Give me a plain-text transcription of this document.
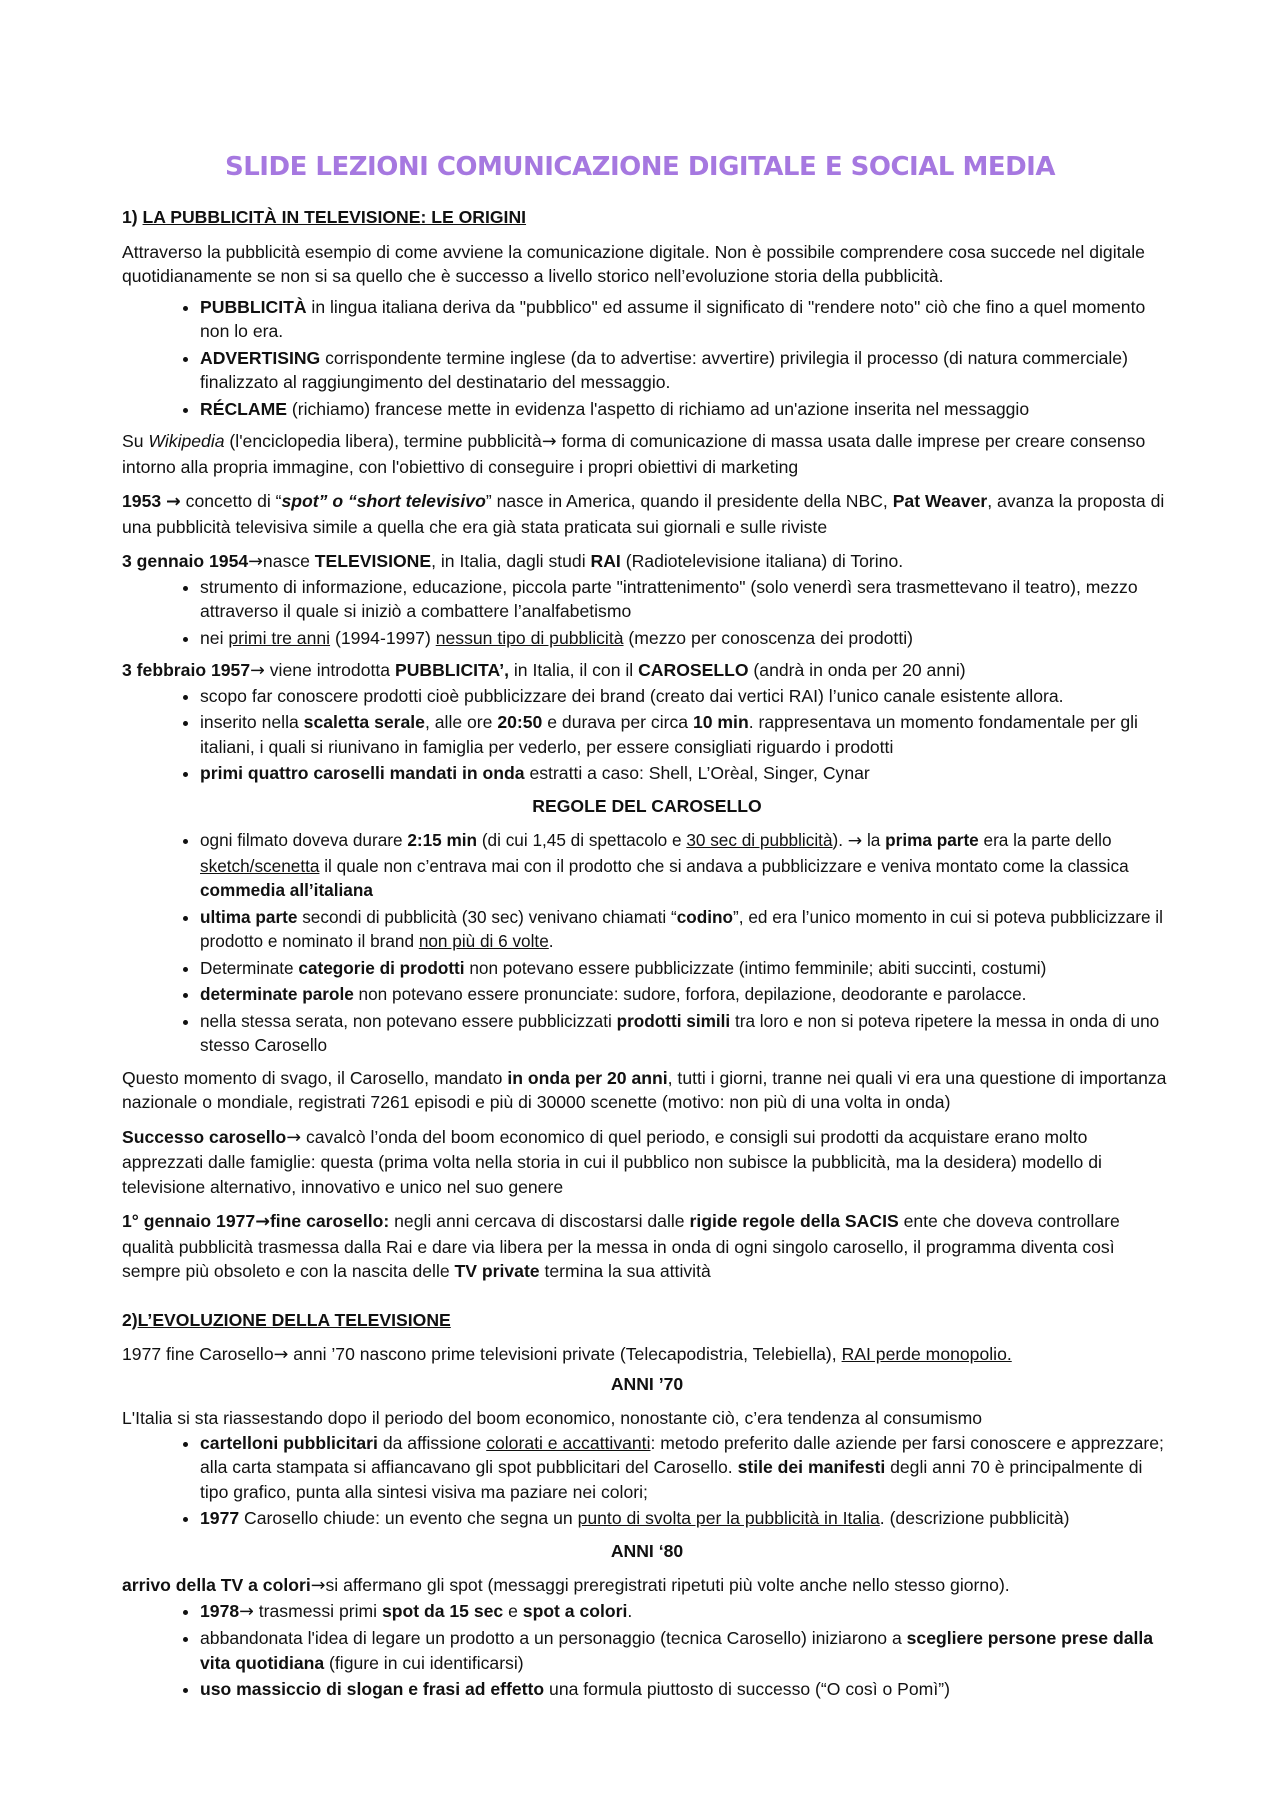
SLIDE LEZIONI COMUNICAZIONE DIGITALE E SOCIAL MEDIA

1) LA PUBBLICITÀ IN TELEVISIONE: LE ORIGINI

Attraverso la pubblicità esempio di come avviene la comunicazione digitale. Non è possibile comprendere cosa succede nel digitale quotidianamente se non si sa quello che è successo a livello storico nell’evoluzione storia della pubblicità.

• PUBBLICITÀ in lingua italiana deriva da "pubblico" ed assume il significato di "rendere noto" ciò che fino a quel momento non lo era.
• ADVERTISING corrispondente termine inglese (da to advertise: avvertire) privilegia il processo (di natura commerciale) finalizzato al raggiungimento del destinatario del messaggio.
• RÉCLAME (richiamo) francese mette in evidenza l'aspetto di richiamo ad un'azione inserita nel messaggio

Su Wikipedia (l'enciclopedia libera), termine pubblicità→ forma di comunicazione di massa usata dalle imprese per creare consenso intorno alla propria immagine, con l'obiettivo di conseguire i propri obiettivi di marketing

1953 → concetto di “spot” o “short televisivo” nasce in America, quando il presidente della NBC, Pat Weaver, avanza la proposta di una pubblicità televisiva simile a quella che era già stata praticata sui giornali e sulle riviste

3 gennaio 1954→nasce TELEVISIONE, in Italia, dagli studi RAI (Radiotelevisione italiana) di Torino.

• strumento di informazione, educazione, piccola parte "intrattenimento" (solo venerdì sera trasmettevano il teatro), mezzo attraverso il quale si iniziò a combattere l’analfabetismo
• nei primi tre anni (1994-1997) nessun tipo di pubblicità (mezzo per conoscenza dei prodotti)

3 febbraio 1957→ viene introdotta PUBBLICITA’, in Italia, il con il CAROSELLO (andrà in onda per 20 anni)

• scopo far conoscere prodotti cioè pubblicizzare dei brand (creato dai vertici RAI) l’unico canale esistente allora.
• inserito nella scaletta serale, alle ore 20:50 e durava per circa 10 min. rappresentava un momento fondamentale per gli italiani, i quali si riunivano in famiglia per vederlo, per essere consigliati riguardo i prodotti
• primi quattro caroselli mandati in onda estratti a caso: Shell, L’Orèal, Singer, Cynar

REGOLE DEL CAROSELLO

• ogni filmato doveva durare 2:15 min (di cui 1,45 di spettacolo e 30 sec di pubblicità). → la prima parte era la parte dello sketch/scenetta il quale non c’entrava mai con il prodotto che si andava a pubblicizzare e veniva montato come la classica commedia all’italiana
• ultima parte secondi di pubblicità (30 sec) venivano chiamati “codino”, ed era l’unico momento in cui si poteva pubblicizzare il prodotto e nominato il brand non più di 6 volte.
• Determinate categorie di prodotti non potevano essere pubblicizzate (intimo femminile; abiti succinti, costumi)
• determinate parole non potevano essere pronunciate: sudore, forfora, depilazione, deodorante e parolacce.
• nella stessa serata, non potevano essere pubblicizzati prodotti simili tra loro e non si poteva ripetere la messa in onda di uno stesso Carosello

Questo momento di svago, il Carosello, mandato in onda per 20 anni, tutti i giorni, tranne nei quali vi era una questione di importanza nazionale o mondiale, registrati 7261 episodi e più di 30000 scenette (motivo: non più di una volta in onda)

Successo carosello→ cavalcò l’onda del boom economico di quel periodo, e consigli sui prodotti da acquistare erano molto apprezzati dalle famiglie: questa (prima volta nella storia in cui il pubblico non subisce la pubblicità, ma la desidera) modello di televisione alternativo, innovativo e unico nel suo genere

1° gennaio 1977→fine carosello: negli anni cercava di discostarsi dalle rigide regole della SACIS ente che doveva controllare qualità pubblicità trasmessa dalla Rai e dare via libera per la messa in onda di ogni singolo carosello, il programma diventa così sempre più obsoleto e con la nascita delle TV private termina la sua attività

2)L’EVOLUZIONE DELLA TELEVISIONE

1977 fine Carosello→ anni ’70 nascono prime televisioni private (Telecapodistria, Telebiella), RAI perde monopolio.

ANNI ’70

L'Italia si sta riassestando dopo il periodo del boom economico, nonostante ciò, c’era tendenza al consumismo

• cartelloni pubblicitari da affissione colorati e accattivanti: metodo preferito dalle aziende per farsi conoscere e apprezzare; alla carta stampata si affiancavano gli spot pubblicitari del Carosello. stile dei manifesti degli anni 70 è principalmente di tipo grafico, punta alla sintesi visiva ma paziare nei colori;
• 1977 Carosello chiude: un evento che segna un punto di svolta per la pubblicità in Italia. (descrizione pubblicità)

ANNI ‘80

arrivo della TV a colori→si affermano gli spot (messaggi preregistrati ripetuti più volte anche nello stesso giorno).

• 1978→ trasmessi primi spot da 15 sec e spot a colori.
• abbandonata l'idea di legare un prodotto a un personaggio (tecnica Carosello) iniziarono a scegliere persone prese dalla vita quotidiana (figure in cui identificarsi)
• uso massiccio di slogan e frasi ad effetto una formula piuttosto di successo (“O così o Pomì”)
